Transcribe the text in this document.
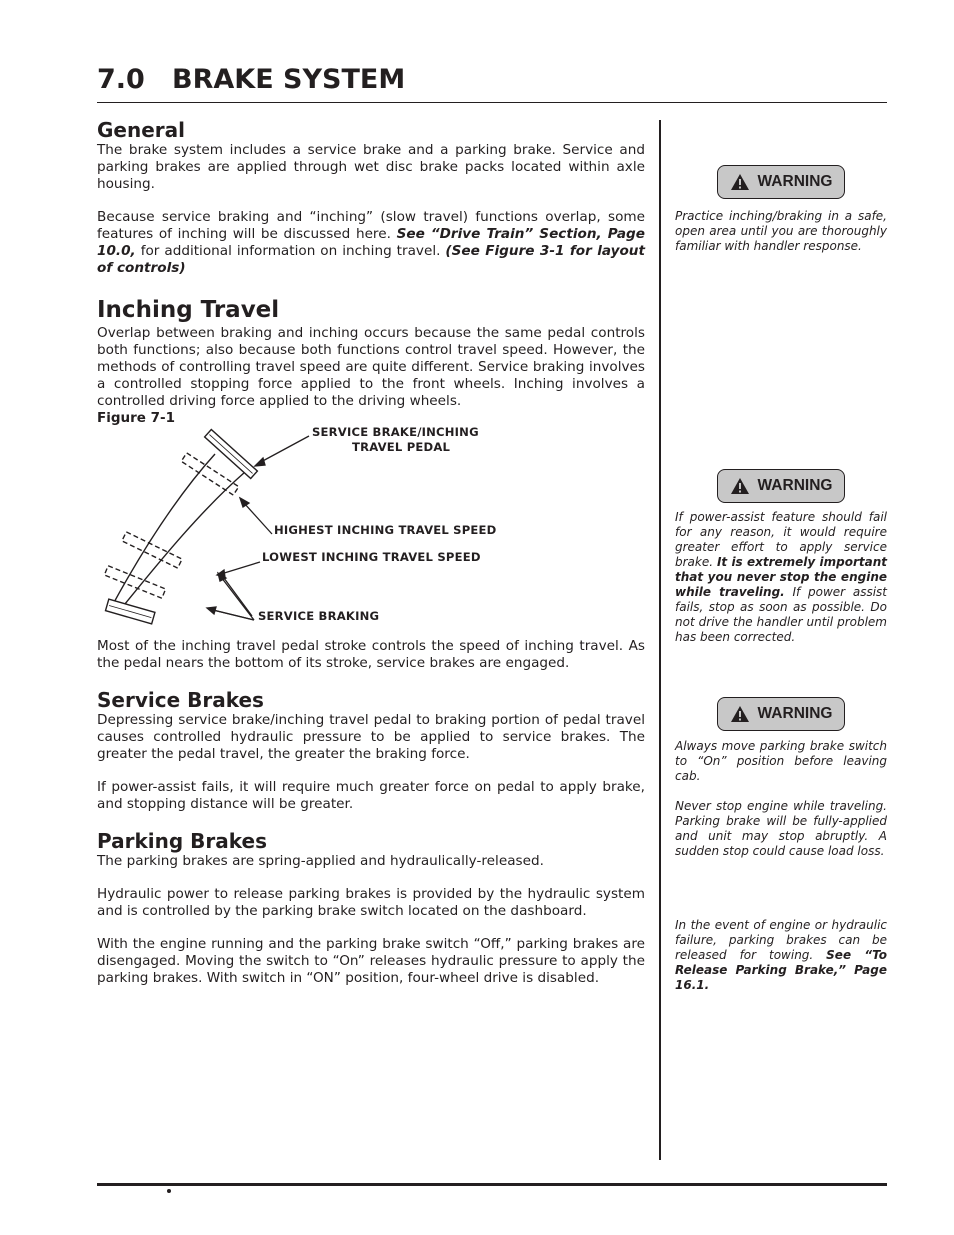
7.0 BRAKE SYSTEM
General

The brake system includes a service brake and a parking brake. Service and parking brakes are applied through wet disc brake packs located within axle housing.

Because service braking and “inching” (slow travel) functions overlap, some features of inching will be discussed here. See “Drive Train” Section, Page 10.0, for additional information on inching travel. (See Figure 3-1 for layout of controls)

Inching Travel

Overlap between braking and inching occurs because the same pedal controls both functions; also because both functions control travel speed. However, the methods of controlling travel speed are quite different. Service braking involves a controlled stopping force applied to the front wheels. Inching involves a controlled driving force applied to the driving wheels.

Figure 7-1
SERVICE BRAKE/INCHING
TRAVEL PEDAL
HIGHEST INCHING TRAVEL SPEED
LOWEST INCHING TRAVEL SPEED
SERVICE BRAKING

Most of the inching travel pedal stroke controls the speed of inching travel. As the pedal nears the bottom of its stroke, service brakes are engaged.

Service Brakes

Depressing service brake/inching travel pedal to braking portion of pedal travel causes controlled hydraulic pressure to be applied to service brakes. The greater the pedal travel, the greater the braking force.

If power-assist fails, it will require much greater force on pedal to apply brake, and stopping distance will be greater.

Parking Brakes

The parking brakes are spring-applied and hydraulically-released.

Hydraulic power to release parking brakes is provided by the hydraulic system and is controlled by the parking brake switch located on the dashboard.

With the engine running and the parking brake switch “Off,” parking brakes are disengaged. Moving the switch to “On” releases hydraulic pressure to apply the parking brakes. With switch in “ON” position, four-wheel drive is disabled.

WARNING

Practice inching/braking in a safe, open area until you are thoroughly familiar with handler response.

WARNING

If power-assist feature should fail for any reason, it would require greater effort to apply service brake. It is extremely important that you never stop the engine while traveling. If power assist fails, stop as soon as possible. Do not drive the handler until problem has been corrected.

WARNING

Always move parking brake switch to “On” position before leaving cab.

Never stop engine while traveling. Parking brake will be fully-applied and unit may stop abruptly. A sudden stop could cause load loss.

In the event of engine or hydraulic failure, parking brakes can be released for towing. See “To Release Parking Brake,” Page 16.1.
